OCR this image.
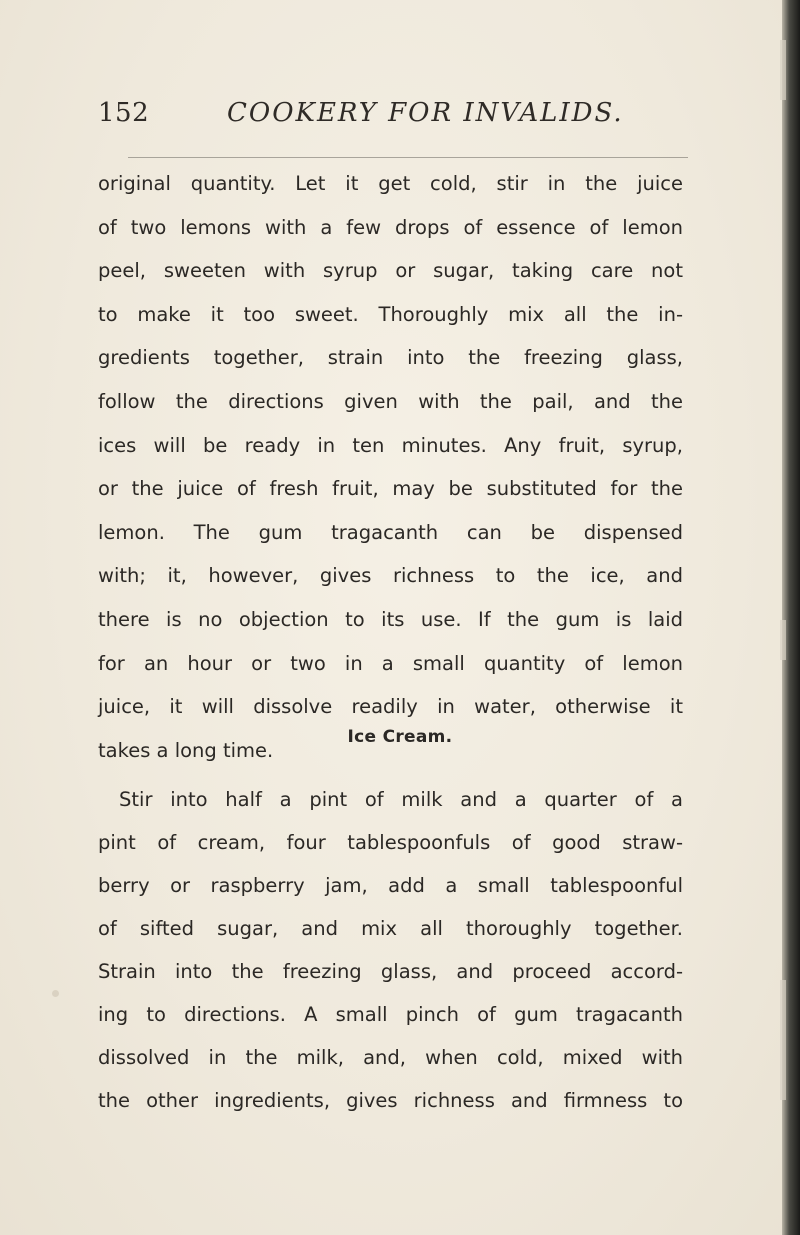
152	COOKERY FOR INVALIDS.
original quantity. Let it get cold, stir in the juice
of two lemons with a few drops of essence of lemon
peel, sweeten with syrup or sugar, taking care not
to make it too sweet. Thoroughly mix all the in-
gredients together, strain into the freezing glass,
follow the directions given with the pail, and the
ices will be ready in ten minutes. Any fruit, syrup,
or the juice of fresh fruit, may be substituted for the
lemon. The gum tragacanth can be dispensed
with; it, however, gives richness to the ice, and
there is no objection to its use. If the gum is laid
for an hour or two in a small quantity of lemon
juice, it will dissolve readily in water, otherwise it
takes a long time.
Ice Cream.
Stir into half a pint of milk and a quarter of a
pint of cream, four tablespoonfuls of good straw-
berry or raspberry jam, add a small tablespoonful
of sifted sugar, and mix all thoroughly together.
Strain into the freezing glass, and proceed accord-
ing to directions. A small pinch of gum tragacanth
dissolved in the milk, and, when cold, mixed with
the other ingredients, gives richness and firmness to
